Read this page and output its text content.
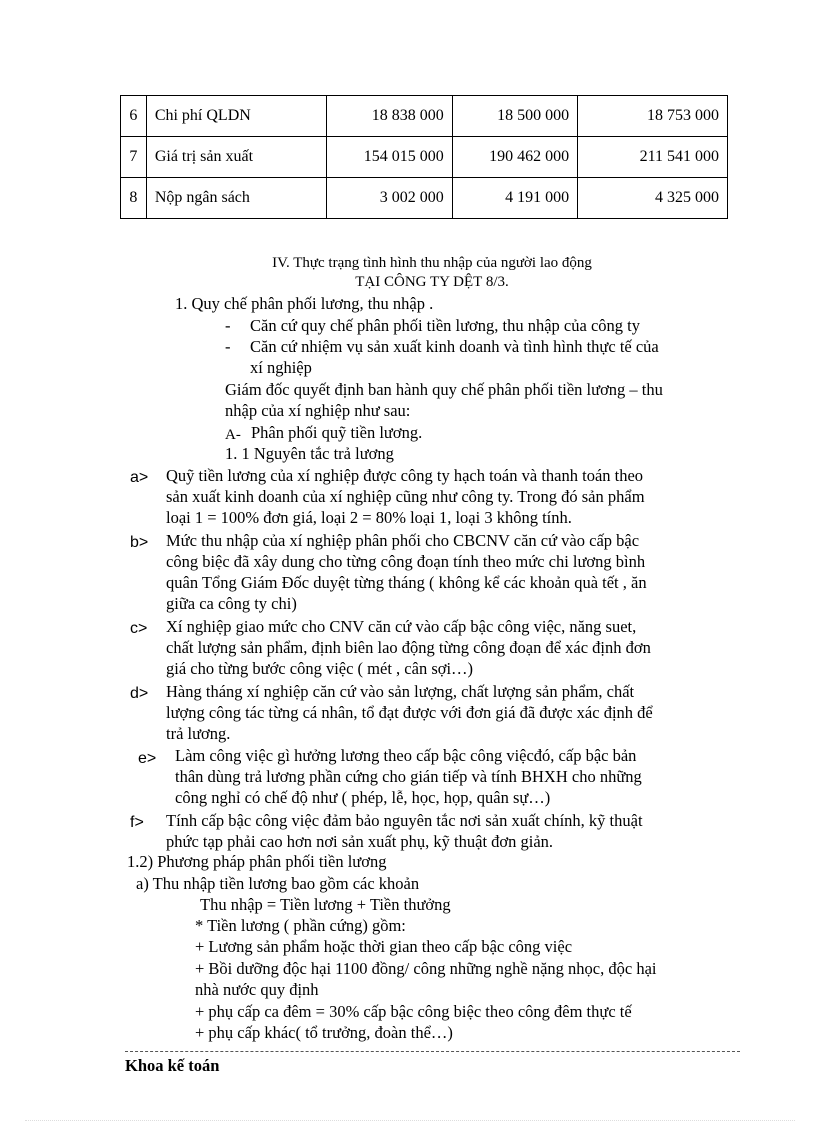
6	Chi phí QLDN	18 838 000	18 500 000	18 753 000
7	Giá trị sản xuất	154 015 000	190 462 000	211 541 000
8	Nộp ngân sách	3 002 000	4 191 000	4 325 000
IV. Thực trạng tình hình thu nhập của người lao động
TẠI CÔNG TY DỆT 8/3.
1. Quy chế phân phối lương, thu nhập .
- Căn cứ quy chế phân phối tiền lương, thu nhập của công ty
- Căn cứ nhiệm vụ sản xuất kinh doanh và tình hình thực tế của
xí nghiệp
Giám đốc quyết định ban hành quy chế phân phối tiền lương – thu
nhập của xí nghiệp như sau:
A- Phân phối quỹ tiền lương.
1. 1 Nguyên tắc trả lương
a> Quỹ tiền lương của xí nghiệp được công ty hạch toán và thanh toán theo
sản xuất kinh doanh của xí nghiệp cũng như công ty. Trong đó sản phẩm
loại 1 = 100% đơn giá, loại 2 = 80% loại 1, loại 3 không tính.
b> Mức thu nhập của xí nghiệp phân phối cho CBCNV căn cứ vào cấp bậc
công biệc đã xây dung cho từng công đoạn tính theo mức chi lương bình
quân Tổng Giám Đốc duyệt từng tháng ( không kể các khoản quà tết , ăn
giữa ca công ty chi)
c> Xí nghiệp giao mức cho CNV căn cứ vào cấp bậc công việc, năng suet,
chất lượng sản phẩm, định biên lao động từng công đoạn để xác định đơn
giá cho từng bước công việc ( mét , cân sợi…)
d> Hàng tháng xí nghiệp căn cứ vào sản lượng, chất lượng sản phẩm, chất
lượng công tác từng cá nhân, tổ đạt được với đơn giá đã được xác định để
trả lương.
e> Làm công việc gì hưởng lương theo cấp bậc công việcđó, cấp bậc bản
thân dùng trả lương phần cứng cho gián tiếp và tính BHXH cho những
công nghỉ có chế độ như ( phép, lễ, học, họp, quân sự…)
f> Tính cấp bậc công việc đảm bảo nguyên tắc nơi sản xuất chính, kỹ thuật
phức tạp phải cao hơn nơi sản xuất phụ, kỹ thuật đơn giản.
1.2) Phương pháp phân phối tiền lương
a) Thu nhập tiền lương bao gồm các khoản
Thu nhập = Tiền lương + Tiền thưởng
* Tiền lương ( phần cứng) gồm:
+ Lương sản phẩm hoặc thời gian theo cấp bậc công việc
+ Bồi dưỡng độc hại 1100 đồng/ công những nghề nặng nhọc, độc hại
nhà nước quy định
+ phụ cấp ca đêm = 30% cấp bậc công biệc theo công đêm thực tế
+ phụ cấp khác( tổ trưởng, đoàn thể…)
Khoa kế toán
